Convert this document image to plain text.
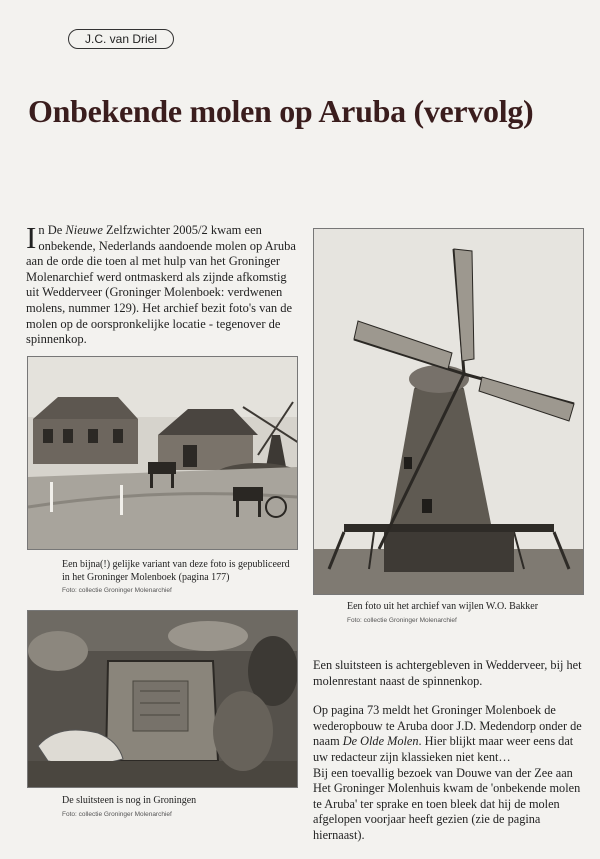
J.C. van Driel
Onbekende molen op Aruba (vervolg)
In De Nieuwe Zelfzwichter 2005/2 kwam een onbekende, Nederlands aandoende molen op Aruba aan de orde die toen al met hulp van het Groninger Molenarchief werd ontmaskerd als zijnde afkomstig uit Wedderveer (Groninger Molenboek: verdwenen molens, nummer 129). Het archief bezit foto's van de molen op de oorspronkelijke locatie - tegenover de spinnenkop.
Een bijna(!) gelijke variant van deze foto is gepubliceerd in het Groninger Molenboek (pagina 177)
Foto: collectie Groninger Molenarchief
Een foto uit het archief van wijlen W.O. Bakker
Foto: collectie Groninger Molenarchief
De sluitsteen is nog in Groningen
Foto: collectie Groninger Molenarchief

Een sluitsteen is achtergebleven in Wedderveer, bij het molenrestant naast de spinnenkop.

Op pagina 73 meldt het Groninger Molenboek de wederopbouw te Aruba door J.D. Medendorp onder de naam De Olde Molen. Hier blijkt maar weer eens dat uw redacteur zijn klassieken niet kent…

Bij een toevallig bezoek van Douwe van der Zee aan Het Groninger Molenhuis kwam de 'onbekende molen te Aruba' ter sprake en toen bleek dat hij de molen afgelopen voorjaar heeft gezien (zie de pagina hiernaast).
